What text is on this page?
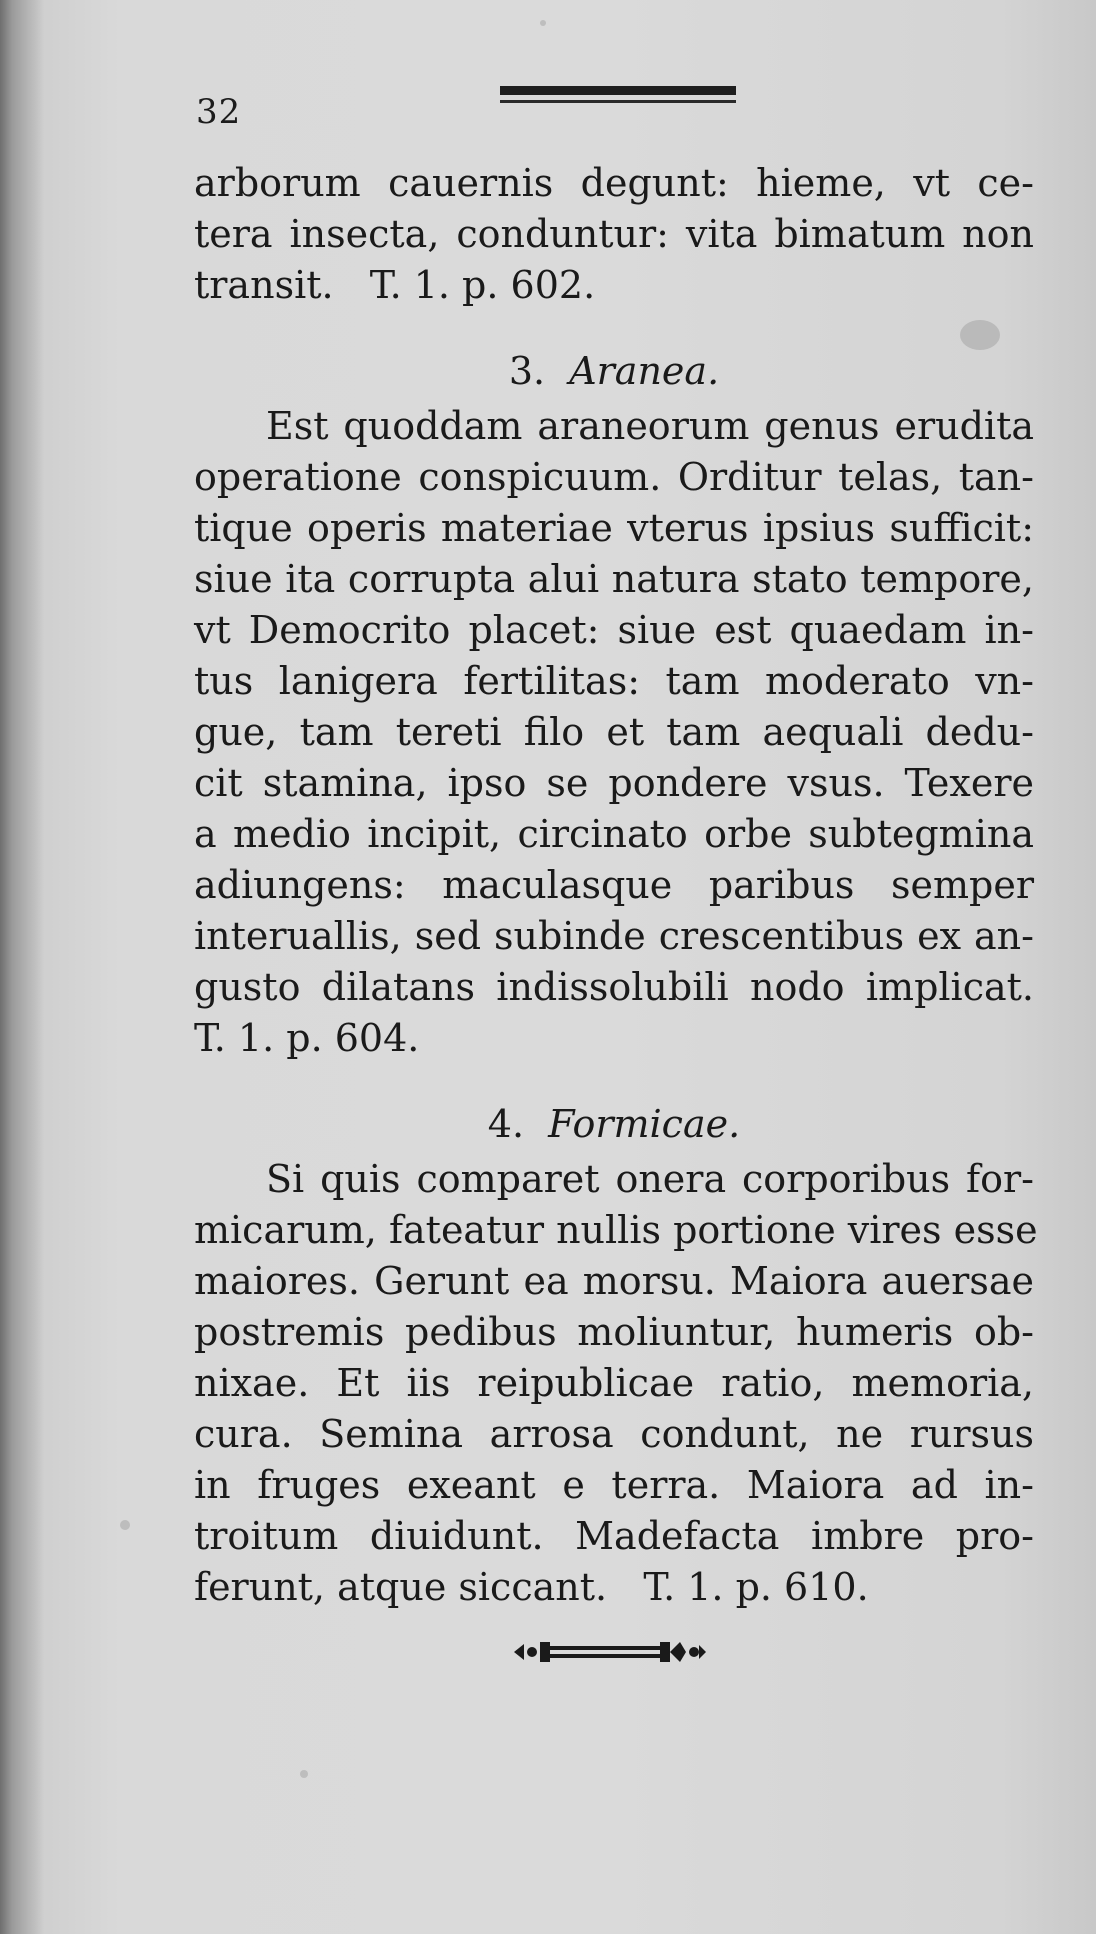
32
arborum cauernis degunt: hieme, vt ce-
tera insecta, conduntur: vita bimatum non
transit.   T. 1. p. 602.
3. Aranea.
Est quoddam araneorum genus erudita
operatione conspicuum. Orditur telas, tan-
tique operis materiae vterus ipsius sufficit:
siue ita corrupta alui natura stato tempore,
vt Democrito placet: siue est quaedam in-
tus lanigera fertilitas: tam moderato vn-
gue, tam tereti filo et tam aequali dedu-
cit stamina, ipso se pondere vsus. Texere
a medio incipit, circinato orbe subtegmina
adiungens: maculasque paribus semper
interuallis, sed subinde crescentibus ex an-
gusto dilatans indissolubili nodo implicat.
T. 1. p. 604.
4. Formicae.
Si quis comparet onera corporibus for-
micarum, fateatur nullis portione vires esse
maiores. Gerunt ea morsu. Maiora auersae
postremis pedibus moliuntur, humeris ob-
nixae. Et iis reipublicae ratio, memoria,
cura. Semina arrosa condunt, ne rursus
in fruges exeant e terra. Maiora ad in-
troitum diuidunt. Madefacta imbre pro-
ferunt, atque siccant.   T. 1. p. 610.
